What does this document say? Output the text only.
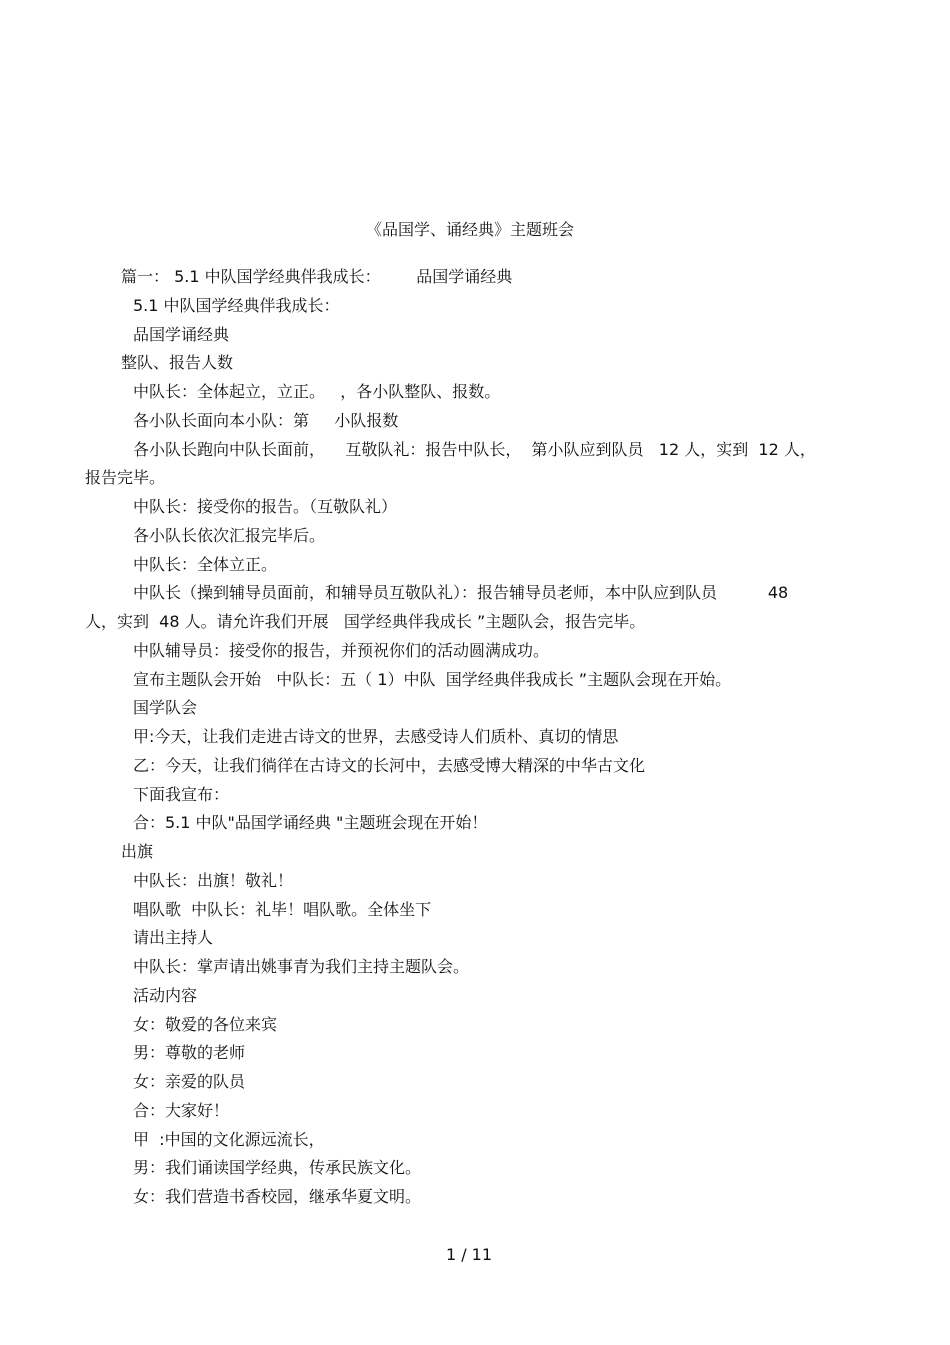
《品国学、诵经典》主题班会
篇一： 5.1 中队国学经典伴我成长：       品国学诵经典
5.1 中队国学经典伴我成长：
品国学诵经典
整队、报告人数
中队长：全体起立，立正。   ，各小队整队、报数。
各小队长面向本小队：第     小队报数
各小队长跑向中队长面前，    互敬队礼：报告中队长，  第小队应到队员   12 人，实到  12 人，
报告完毕。
中队长：接受你的报告。（互敬队礼）
各小队长依次汇报完毕后。
中队长：全体立正。
中队长（操到辅导员面前，和辅导员互敬队礼）：报告辅导员老师，本中队应到队员          48
人，实到  48 人。请允许我们开展   国学经典伴我成长 ”主题队会，报告完毕。
中队辅导员：接受你的报告，并预祝你们的活动圆满成功。
宣布主题队会开始   中队长：五（ 1）中队  国学经典伴我成长 ”主题队会现在开始。
国学队会
甲:今天，让我们走进古诗文的世界，去感受诗人们质朴、真切的情思
乙：今天，让我们徜徉在古诗文的长河中，去感受博大精深的中华古文化
下面我宣布：
合：5.1 中队"品国学诵经典 "主题班会现在开始！
出旗
中队长：出旗！敬礼！
唱队歌  中队长：礼毕！唱队歌。全体坐下
请出主持人
中队长：掌声请出姚事青为我们主持主题队会。
活动内容
女：敬爱的各位来宾
男：尊敬的老师
女：亲爱的队员
合：大家好！
甲  :中国的文化源远流长，
男：我们诵读国学经典，传承民族文化。
女：我们营造书香校园，继承华夏文明。
1 / 11
